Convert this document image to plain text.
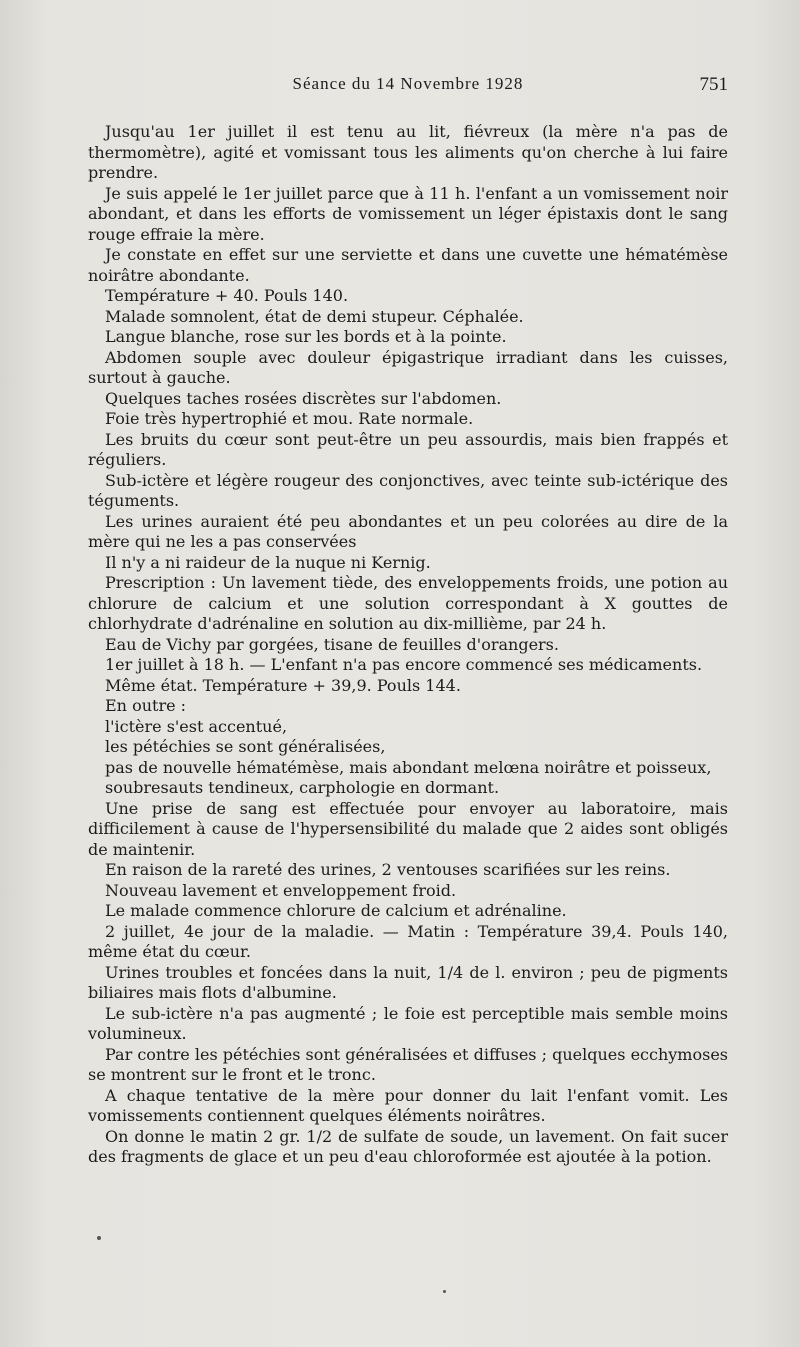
Séance du 14 Novembre 1928	751

Jusqu'au 1er juillet il est tenu au lit, fiévreux (la mère n'a pas de thermomètre), agité et vomissant tous les aliments qu'on cherche à lui faire prendre.

Je suis appelé le 1er juillet parce que à 11 h. l'enfant a un vomissement noir abondant, et dans les efforts de vomissement un léger épistaxis dont le sang rouge effraie la mère.

Je constate en effet sur une serviette et dans une cuvette une hématémèse noirâtre abondante.

Température + 40. Pouls 140.

Malade somnolent, état de demi stupeur. Céphalée.

Langue blanche, rose sur les bords et à la pointe.

Abdomen souple avec douleur épigastrique irradiant dans les cuisses, surtout à gauche.

Quelques taches rosées discrètes sur l'abdomen.

Foie très hypertrophié et mou. Rate normale.

Les bruits du cœur sont peut-être un peu assourdis, mais bien frappés et réguliers.

Sub-ictère et légère rougeur des conjonctives, avec teinte sub-ictérique des téguments.

Les urines auraient été peu abondantes et un peu colorées au dire de la mère qui ne les a pas conservées

Il n'y a ni raideur de la nuque ni Kernig.

Prescription : Un lavement tiède, des enveloppements froids, une potion au chlorure de calcium et une solution correspondant à X gouttes de chlorhydrate d'adrénaline en solution au dix-millième, par 24 h.

Eau de Vichy par gorgées, tisane de feuilles d'orangers.

1er juillet à 18 h. — L'enfant n'a pas encore commencé ses médicaments.

Même état. Température + 39,9. Pouls 144.

En outre :

l'ictère s'est accentué,

les pétéchies se sont généralisées,

pas de nouvelle hématémèse, mais abondant melœna noirâtre et poisseux,

soubresauts tendineux, carphologie en dormant.

Une prise de sang est effectuée pour envoyer au laboratoire, mais difficilement à cause de l'hypersensibilité du malade que 2 aides sont obligés de maintenir.

En raison de la rareté des urines, 2 ventouses scarifiées sur les reins.

Nouveau lavement et enveloppement froid.

Le malade commence chlorure de calcium et adrénaline.

2 juillet, 4e jour de la maladie. — Matin : Température 39,4. Pouls 140, même état du cœur.

Urines troubles et foncées dans la nuit, 1/4 de l. environ ; peu de pigments biliaires mais flots d'albumine.

Le sub-ictère n'a pas augmenté ; le foie est perceptible mais semble moins volumineux.

Par contre les pétéchies sont généralisées et diffuses ; quelques ecchymoses se montrent sur le front et le tronc.

A chaque tentative de la mère pour donner du lait l'enfant vomit. Les vomissements contiennent quelques éléments noirâtres.

On donne le matin 2 gr. 1/2 de sulfate de soude, un lavement. On fait sucer des fragments de glace et un peu d'eau chloroformée est ajoutée à la potion.
